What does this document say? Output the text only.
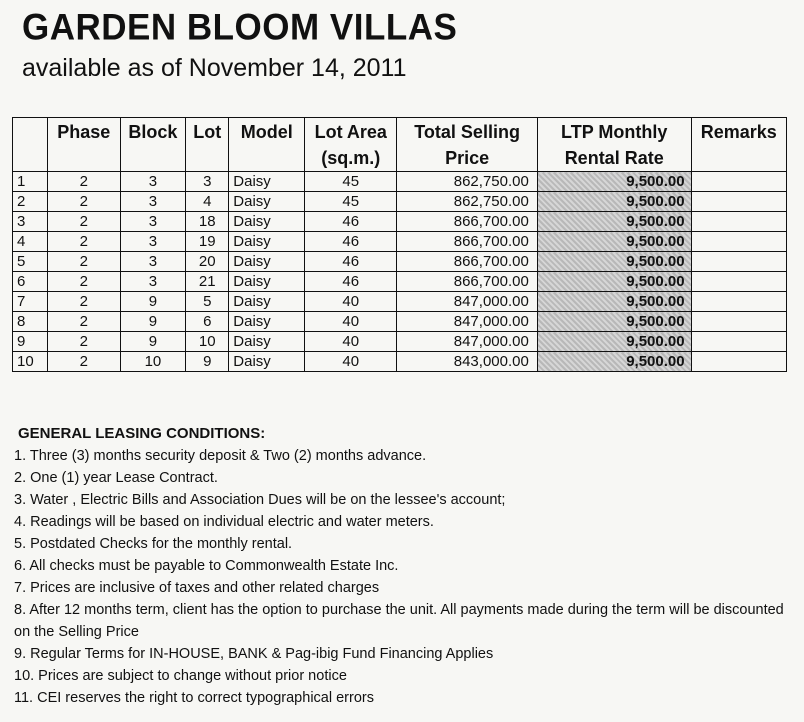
GARDEN BLOOM VILLAS
available as of November 14, 2011
	Phase	Block	Lot	Model	Lot Area	Total Selling	LTP Monthly	Remarks
					(sq.m.)	Price	Rental Rate	
1	2	3	3	Daisy	45	862,750.00	9,500.00	
2	2	3	4	Daisy	45	862,750.00	9,500.00	
3	2	3	18	Daisy	46	866,700.00	9,500.00	
4	2	3	19	Daisy	46	866,700.00	9,500.00	
5	2	3	20	Daisy	46	866,700.00	9,500.00	
6	2	3	21	Daisy	46	866,700.00	9,500.00	
7	2	9	5	Daisy	40	847,000.00	9,500.00	
8	2	9	6	Daisy	40	847,000.00	9,500.00	
9	2	9	10	Daisy	40	847,000.00	9,500.00	
10	2	10	9	Daisy	40	843,000.00	9,500.00	
GENERAL LEASING CONDITIONS:
1. Three (3) months security deposit & Two (2) months advance.
2. One (1) year Lease Contract.
3. Water , Electric Bills and Association Dues will be on the lessee's account;
4. Readings will be based on individual electric and water meters.
5. Postdated Checks for the monthly rental.
6. All checks must be payable to Commonwealth Estate Inc.
7. Prices are inclusive of taxes and other related charges
8. After 12 months term, client has the option to purchase the unit. All payments made during the term will be discounted on the Selling Price
9. Regular Terms for IN-HOUSE, BANK & Pag-ibig Fund Financing Applies
10. Prices are subject to change without prior notice
11. CEI reserves the right to correct typographical errors
